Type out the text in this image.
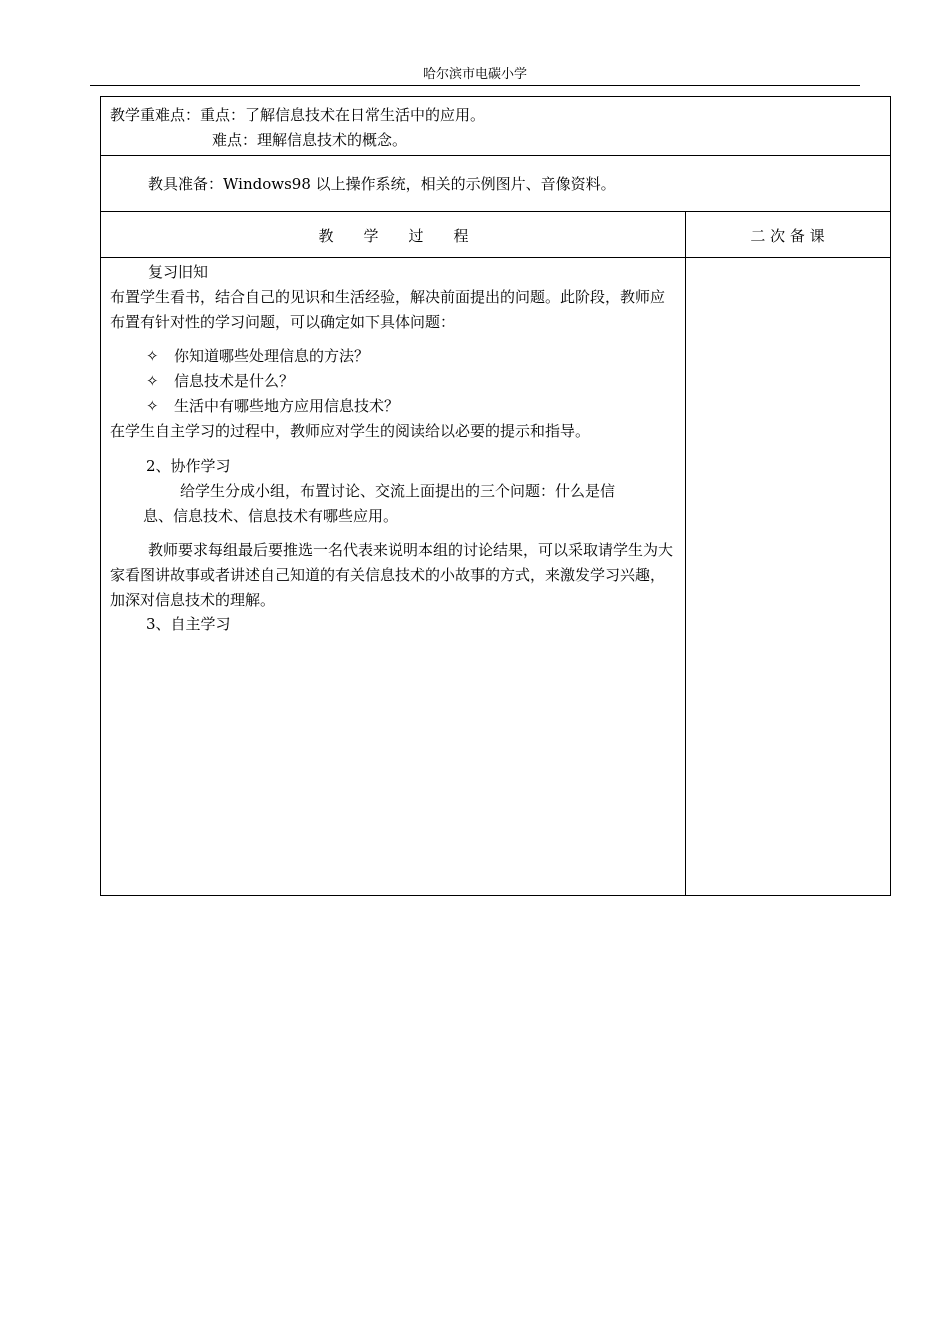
哈尔滨市电碳小学
教学重难点：重点：了解信息技术在日常生活中的应用。
难点：理解信息技术的概念。
教具准备：Windows98 以上操作系统，相关的示例图片、音像资料。
教　　学　　过　　程	二 次 备 课
复习旧知
布置学生看书，结合自己的见识和生活经验，解决前面提出的问题。此阶段，教师应布置有针对性的学习问题，可以确定如下具体问题：
✧ 你知道哪些处理信息的方法？
✧ 信息技术是什么？
✧ 生活中有哪些地方应用信息技术？
在学生自主学习的过程中，教师应对学生的阅读给以必要的提示和指导。
2、协作学习
给学生分成小组，布置讨论、交流上面提出的三个问题：什么是信
息、信息技术、信息技术有哪些应用。
教师要求每组最后要推选一名代表来说明本组的讨论结果，可以采取请学生为大家看图讲故事或者讲述自己知道的有关信息技术的小故事的方式，来激发学习兴趣，加深对信息技术的理解。
3、自主学习
